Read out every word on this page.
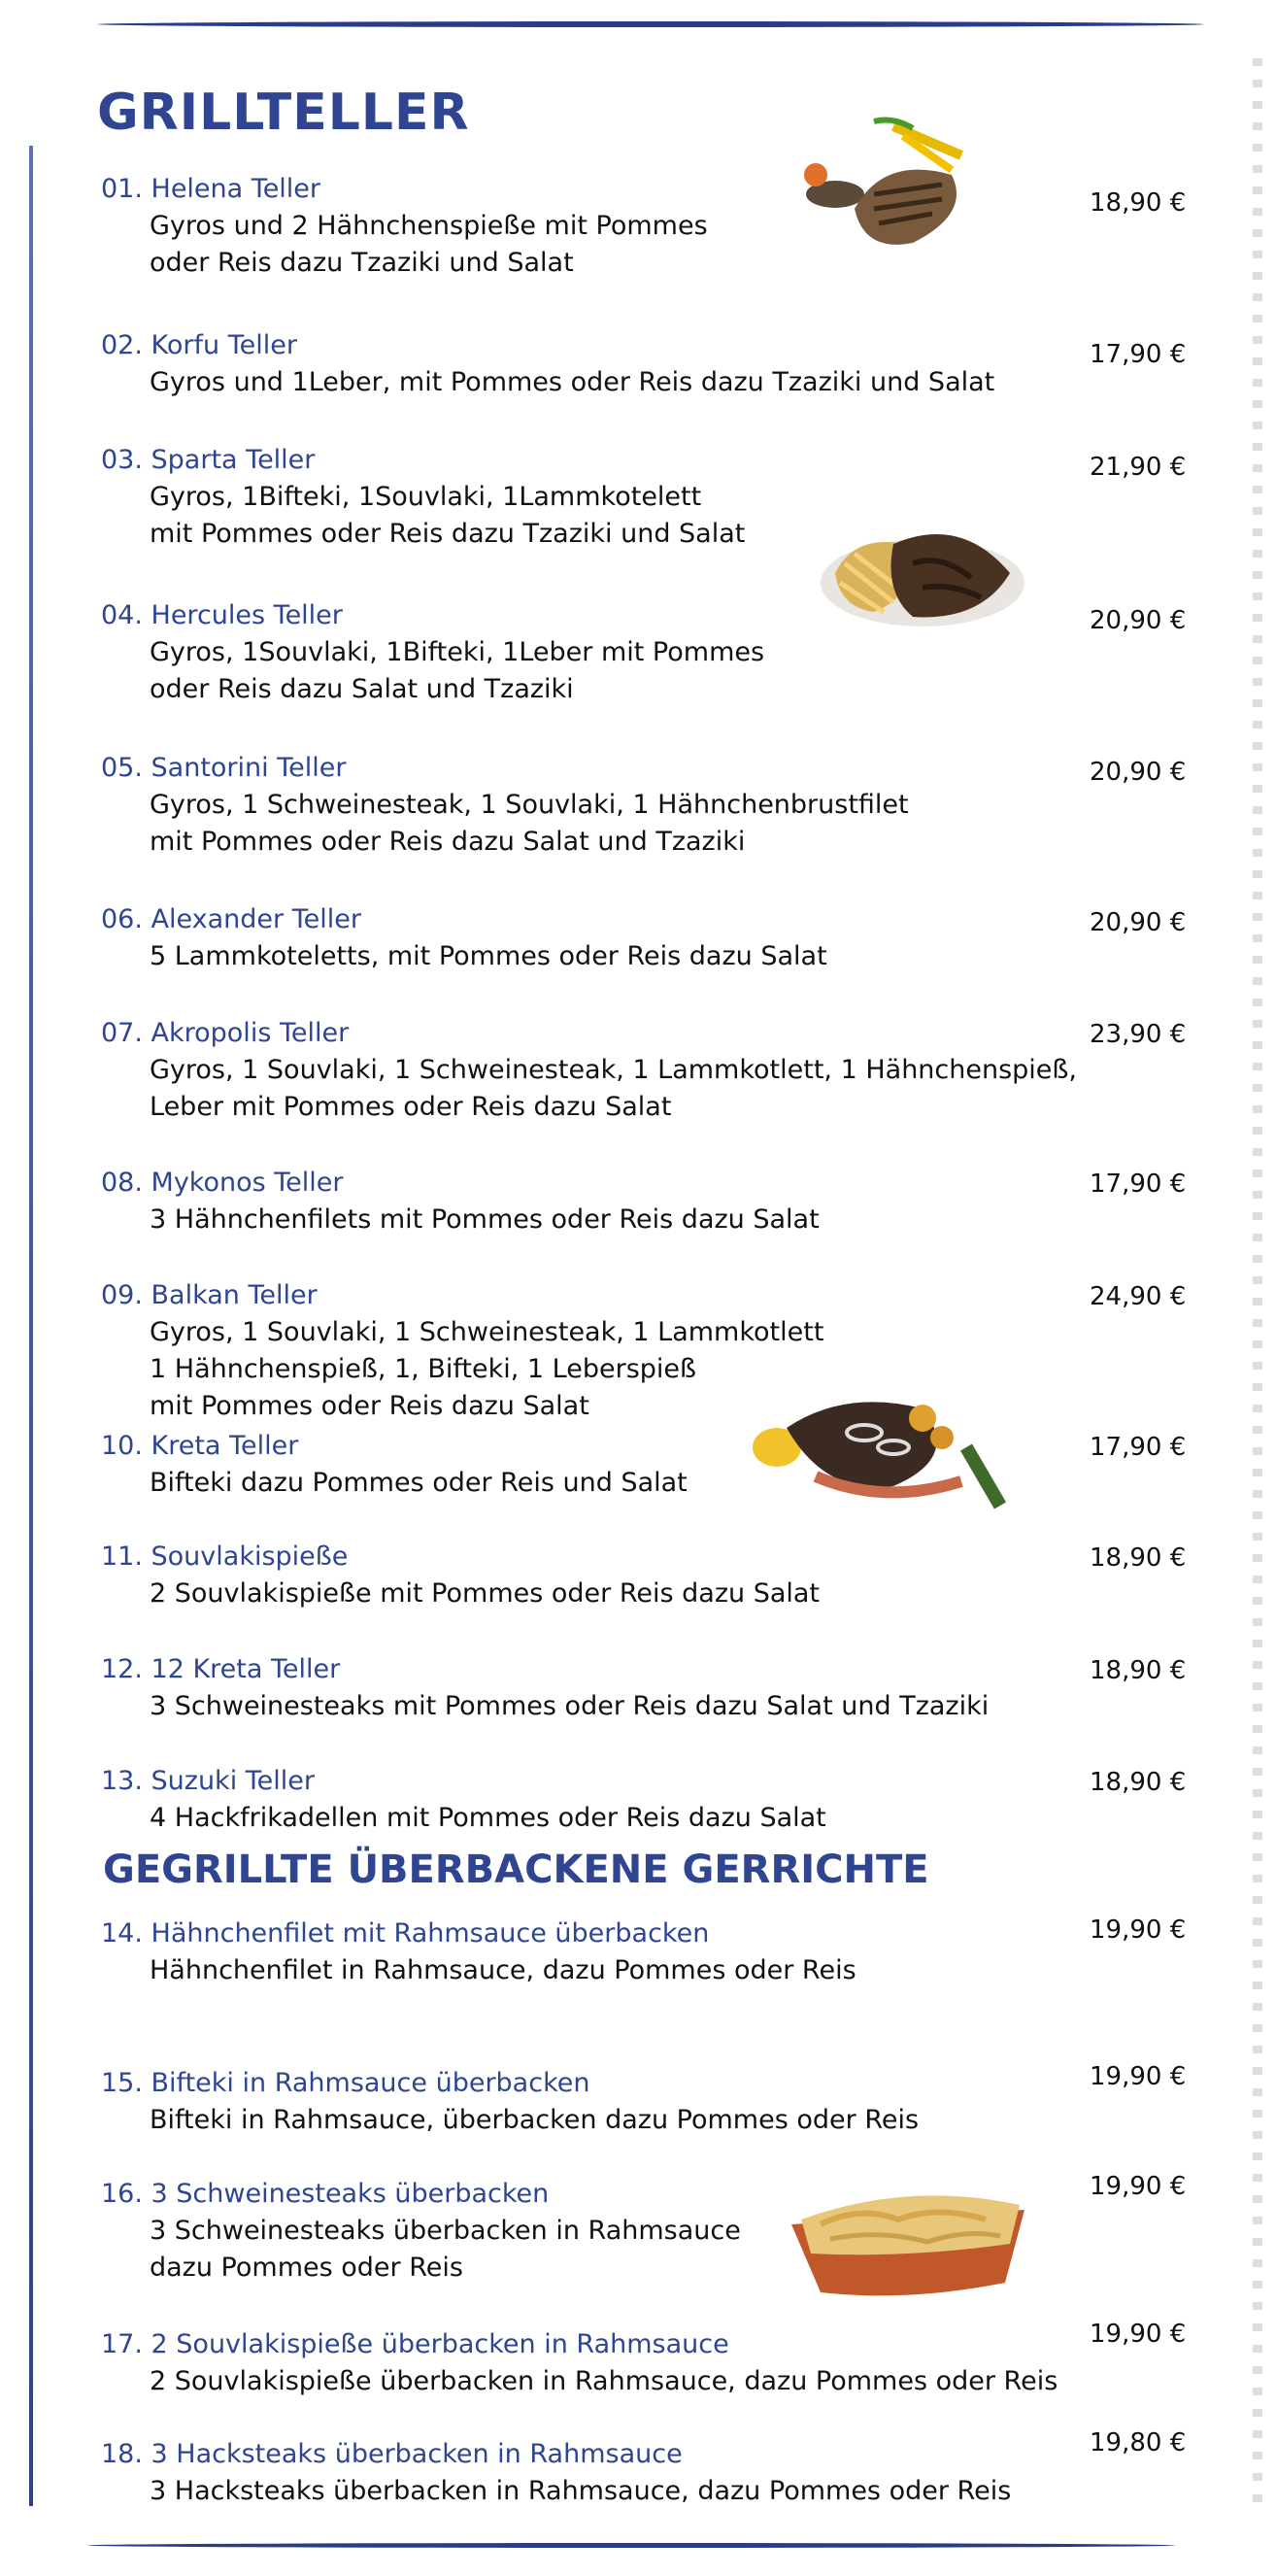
GRILLTELLER
01. Helena Teller
Gyros und 2 Hähnchenspieße mit Pommes
oder Reis dazu Tzaziki und Salat
18,90 €
02. Korfu Teller
Gyros und 1Leber, mit Pommes oder Reis dazu Tzaziki und Salat
17,90 €
03. Sparta Teller
Gyros, 1Bifteki, 1Souvlaki, 1Lammkotelett
mit Pommes oder Reis dazu Tzaziki und Salat
21,90 €
04. Hercules Teller
Gyros, 1Souvlaki, 1Bifteki, 1Leber mit Pommes
oder Reis dazu Salat und Tzaziki
20,90 €
05. Santorini Teller
Gyros, 1 Schweinesteak, 1 Souvlaki, 1 Hähnchenbrustfilet
mit Pommes oder Reis dazu Salat und Tzaziki
20,90 €
06. Alexander Teller
5 Lammkoteletts, mit Pommes oder Reis dazu Salat
20,90 €
07. Akropolis Teller
Gyros, 1 Souvlaki, 1 Schweinesteak, 1 Lammkotlett, 1 Hähnchenspieß,
Leber mit Pommes oder Reis dazu Salat
23,90 €
08. Mykonos Teller
3 Hähnchenfilets mit Pommes oder Reis dazu Salat
17,90 €
09. Balkan Teller
Gyros, 1 Souvlaki, 1 Schweinesteak, 1 Lammkotlett
1 Hähnchenspieß, 1, Bifteki, 1 Leberspieß
mit Pommes oder Reis dazu Salat
24,90 €
10. Kreta Teller
Bifteki dazu Pommes oder Reis und Salat
17,90 €
11. Souvlakispieße
2 Souvlakispieße mit Pommes oder Reis dazu Salat
18,90 €
12. 12 Kreta Teller
3 Schweinesteaks mit Pommes oder Reis dazu Salat und Tzaziki
18,90 €
13. Suzuki Teller
4 Hackfrikadellen mit Pommes oder Reis dazu Salat
18,90 €
GEGRILLTE ÜBERBACKENE GERRICHTE
14. Hähnchenfilet mit Rahmsauce überbacken
Hähnchenfilet in Rahmsauce, dazu Pommes oder Reis
19,90 €
15. Bifteki in Rahmsauce überbacken
Bifteki in Rahmsauce, überbacken dazu Pommes oder Reis
19,90 €
16. 3 Schweinesteaks überbacken
3 Schweinesteaks überbacken in Rahmsauce
dazu Pommes oder Reis
19,90 €
17. 2 Souvlakispieße überbacken in Rahmsauce
2 Souvlakispieße überbacken in Rahmsauce, dazu Pommes oder Reis
19,90 €
18. 3 Hacksteaks überbacken in Rahmsauce
3 Hacksteaks überbacken in Rahmsauce, dazu Pommes oder Reis
19,80 €
